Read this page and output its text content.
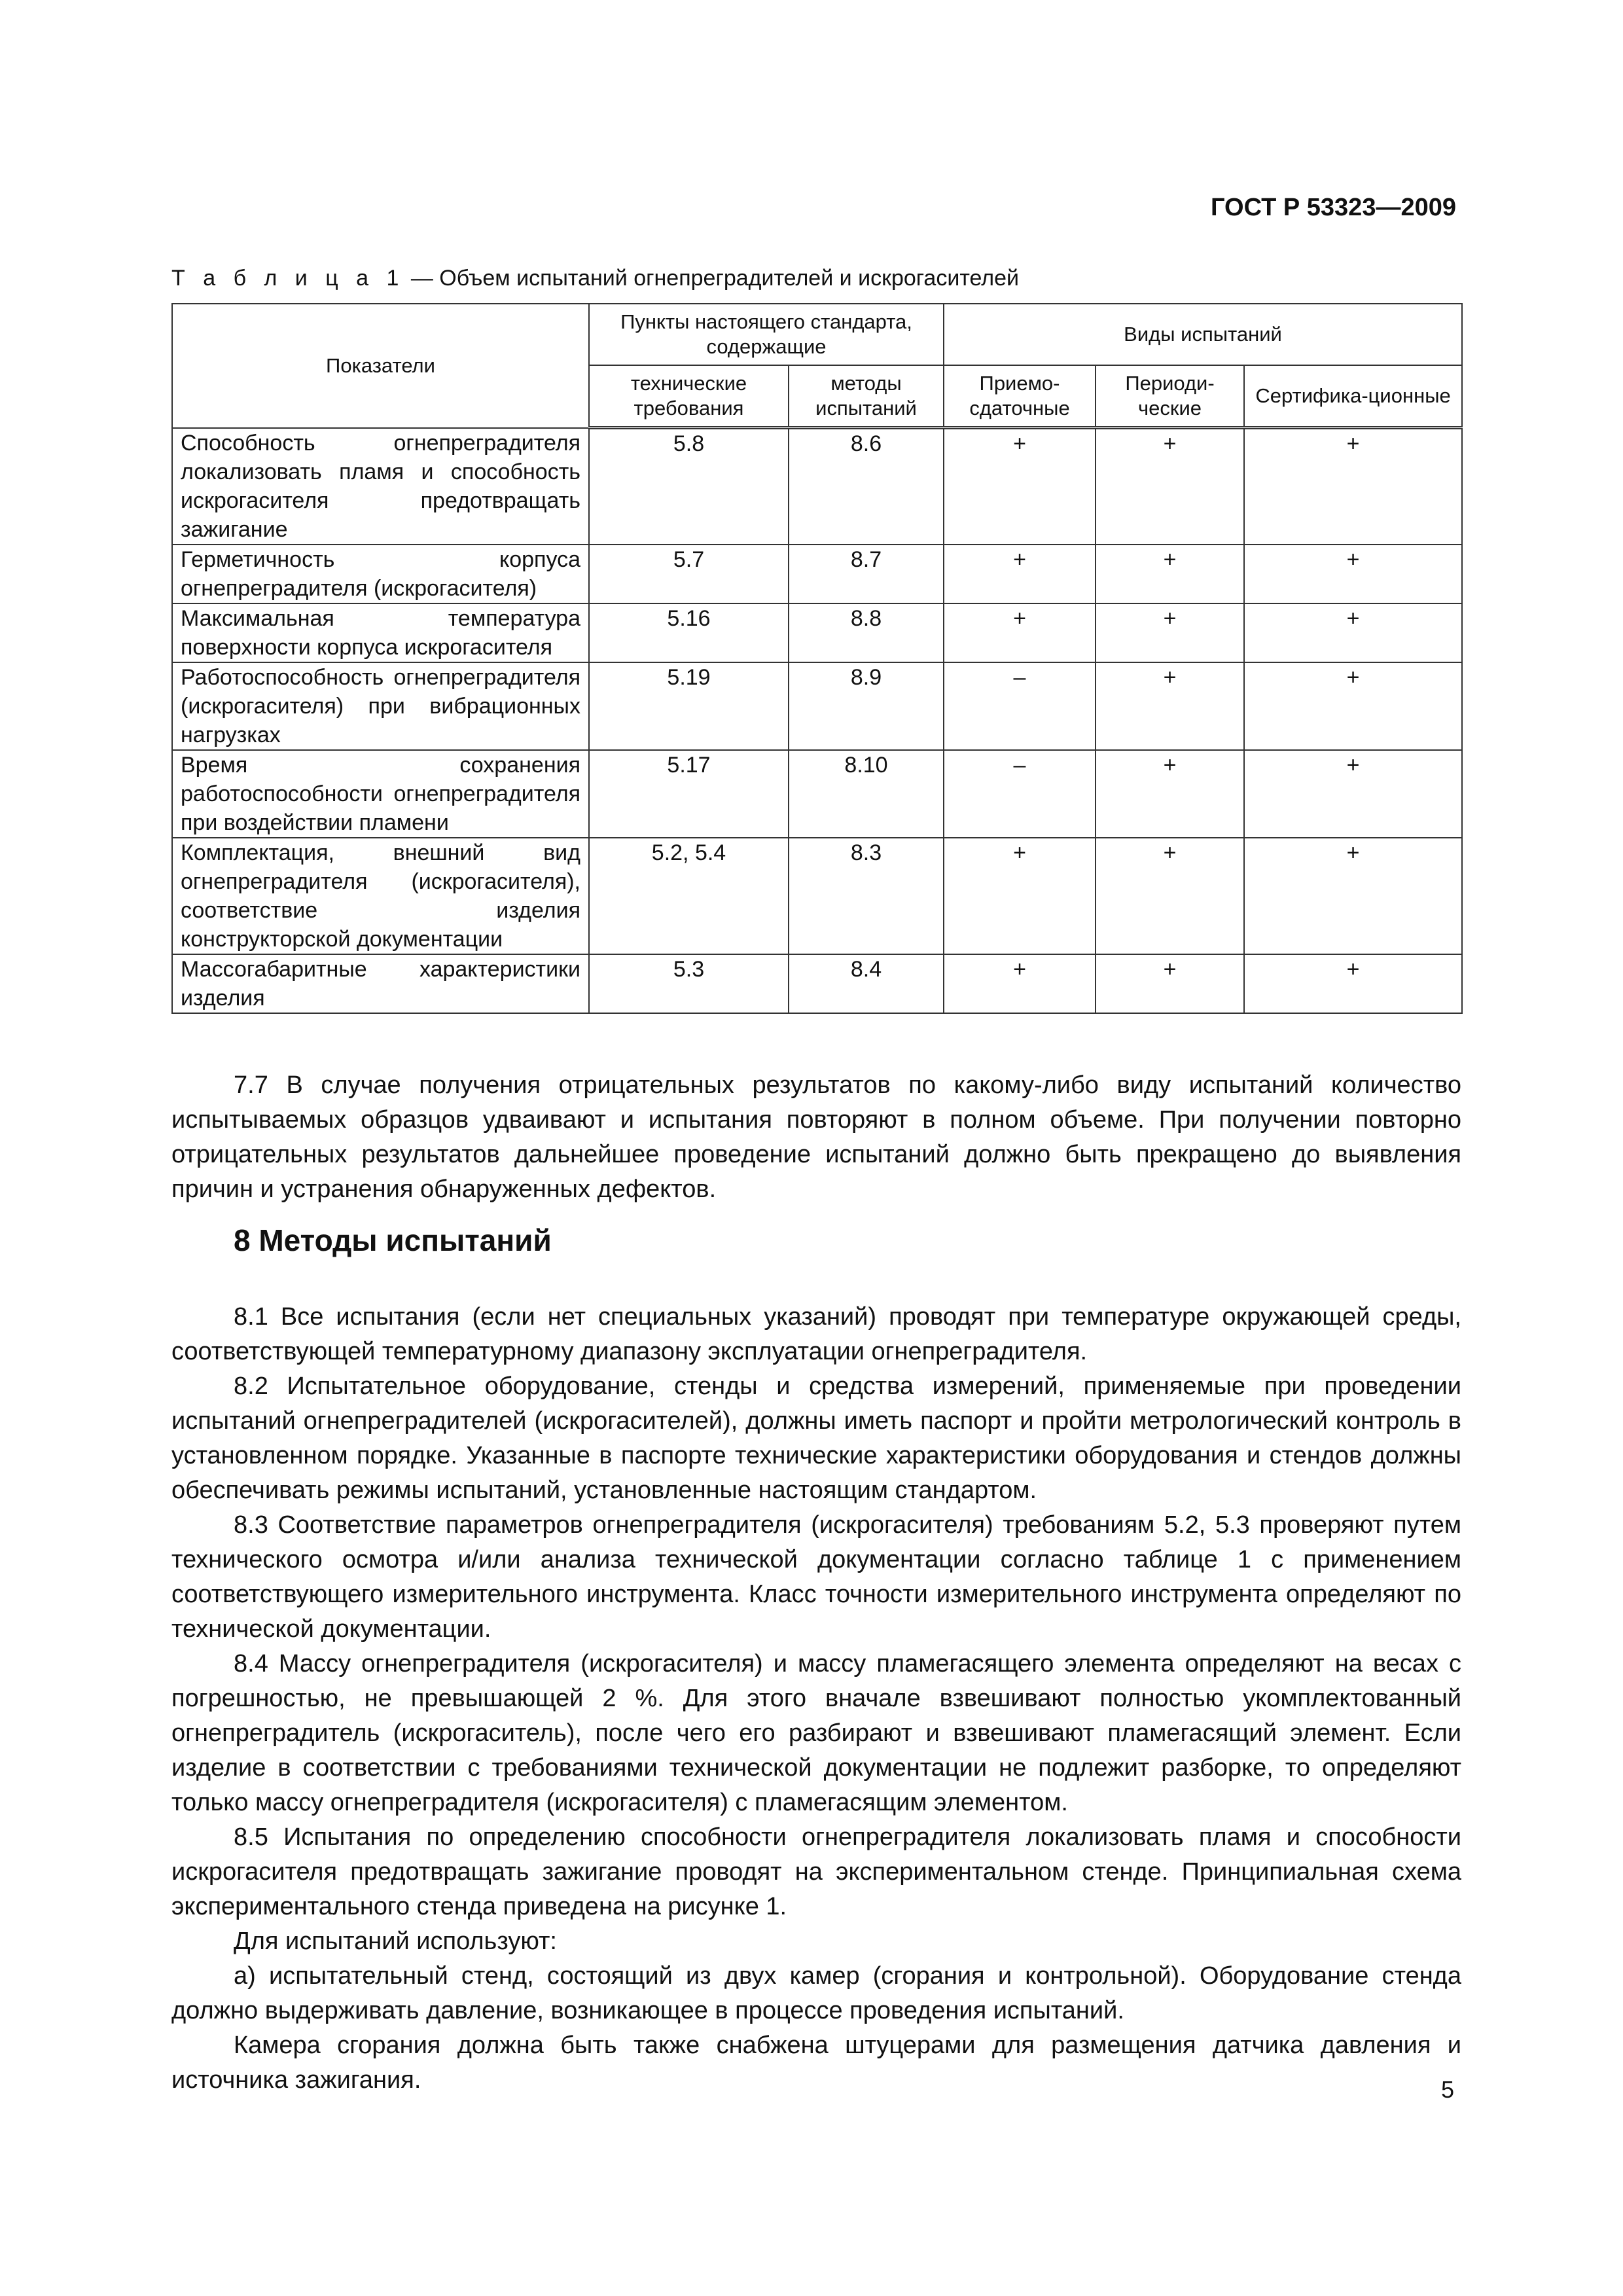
ГОСТ Р 53323—2009
Т а б л и ц а 1 — Объем испытаний огнепреградителей и искрогасителей
Показатели	Пункты настоящего стандарта, содержащие		Виды испытаний		
	технические требования	методы испытаний	Приемо-сдаточные	Периоди-ческие	Сертифика-ционные
Способность огнепреградителя локализовать пламя и способность искрогасителя предотвращать зажигание	5.8	8.6	+	+	+
Герметичность корпуса огнепреградителя (искрогасителя)	5.7	8.7	+	+	+
Максимальная температура поверхности корпуса искрогасителя	5.16	8.8	+	+	+
Работоспособность огнепреградителя (искрогасителя) при вибрационных нагрузках	5.19	8.9	–	+	+
Время сохранения работоспособности огнепреградителя при воздействии пламени	5.17	8.10	–	+	+
Комплектация, внешний вид огнепреградителя (искрогасителя), соответствие изделия конструкторской документации	5.2, 5.4	8.3	+	+	+
Массогабаритные характеристики изделия	5.3	8.4	+	+	+

7.7 В случае получения отрицательных результатов по какому-либо виду испытаний количество испытываемых образцов удваивают и испытания повторяют в полном объеме. При получении повторно отрицательных результатов дальнейшее проведение испытаний должно быть прекращено до выявления причин и устранения обнаруженных дефектов.

8 Методы испытаний

8.1 Все испытания (если нет специальных указаний) проводят при температуре окружающей среды, соответствующей температурному диапазону эксплуатации огнепреградителя.

8.2 Испытательное оборудование, стенды и средства измерений, применяемые при проведении испытаний огнепреградителей (искрогасителей), должны иметь паспорт и пройти метрологический контроль в установленном порядке. Указанные в паспорте технические характеристики оборудования и стендов должны обеспечивать режимы испытаний, установленные настоящим стандартом.

8.3 Соответствие параметров огнепреградителя (искрогасителя) требованиям 5.2, 5.3 проверяют путем технического осмотра и/или анализа технической документации согласно таблице 1 с применением соответствующего измерительного инструмента. Класс точности измерительного инструмента определяют по технической документации.

8.4 Массу огнепреградителя (искрогасителя) и массу пламегасящего элемента определяют на весах с погрешностью, не превышающей 2 %. Для этого вначале взвешивают полностью укомплектованный огнепреградитель (искрогаситель), после чего его разбирают и взвешивают пламегасящий элемент. Если изделие в соответствии с требованиями технической документации не подлежит разборке, то определяют только массу огнепреградителя (искрогасителя) с пламегасящим элементом.

8.5 Испытания по определению способности огнепреградителя локализовать пламя и способности искрогасителя предотвращать зажигание проводят на экспериментальном стенде. Принципиальная схема экспериментального стенда приведена на рисунке 1.

Для испытаний используют:

а) испытательный стенд, состоящий из двух камер (сгорания и контрольной). Оборудование стенда должно выдерживать давление, возникающее в процессе проведения испытаний.

Камера сгорания должна быть также снабжена штуцерами для размещения датчика давления и источника зажигания.	5
